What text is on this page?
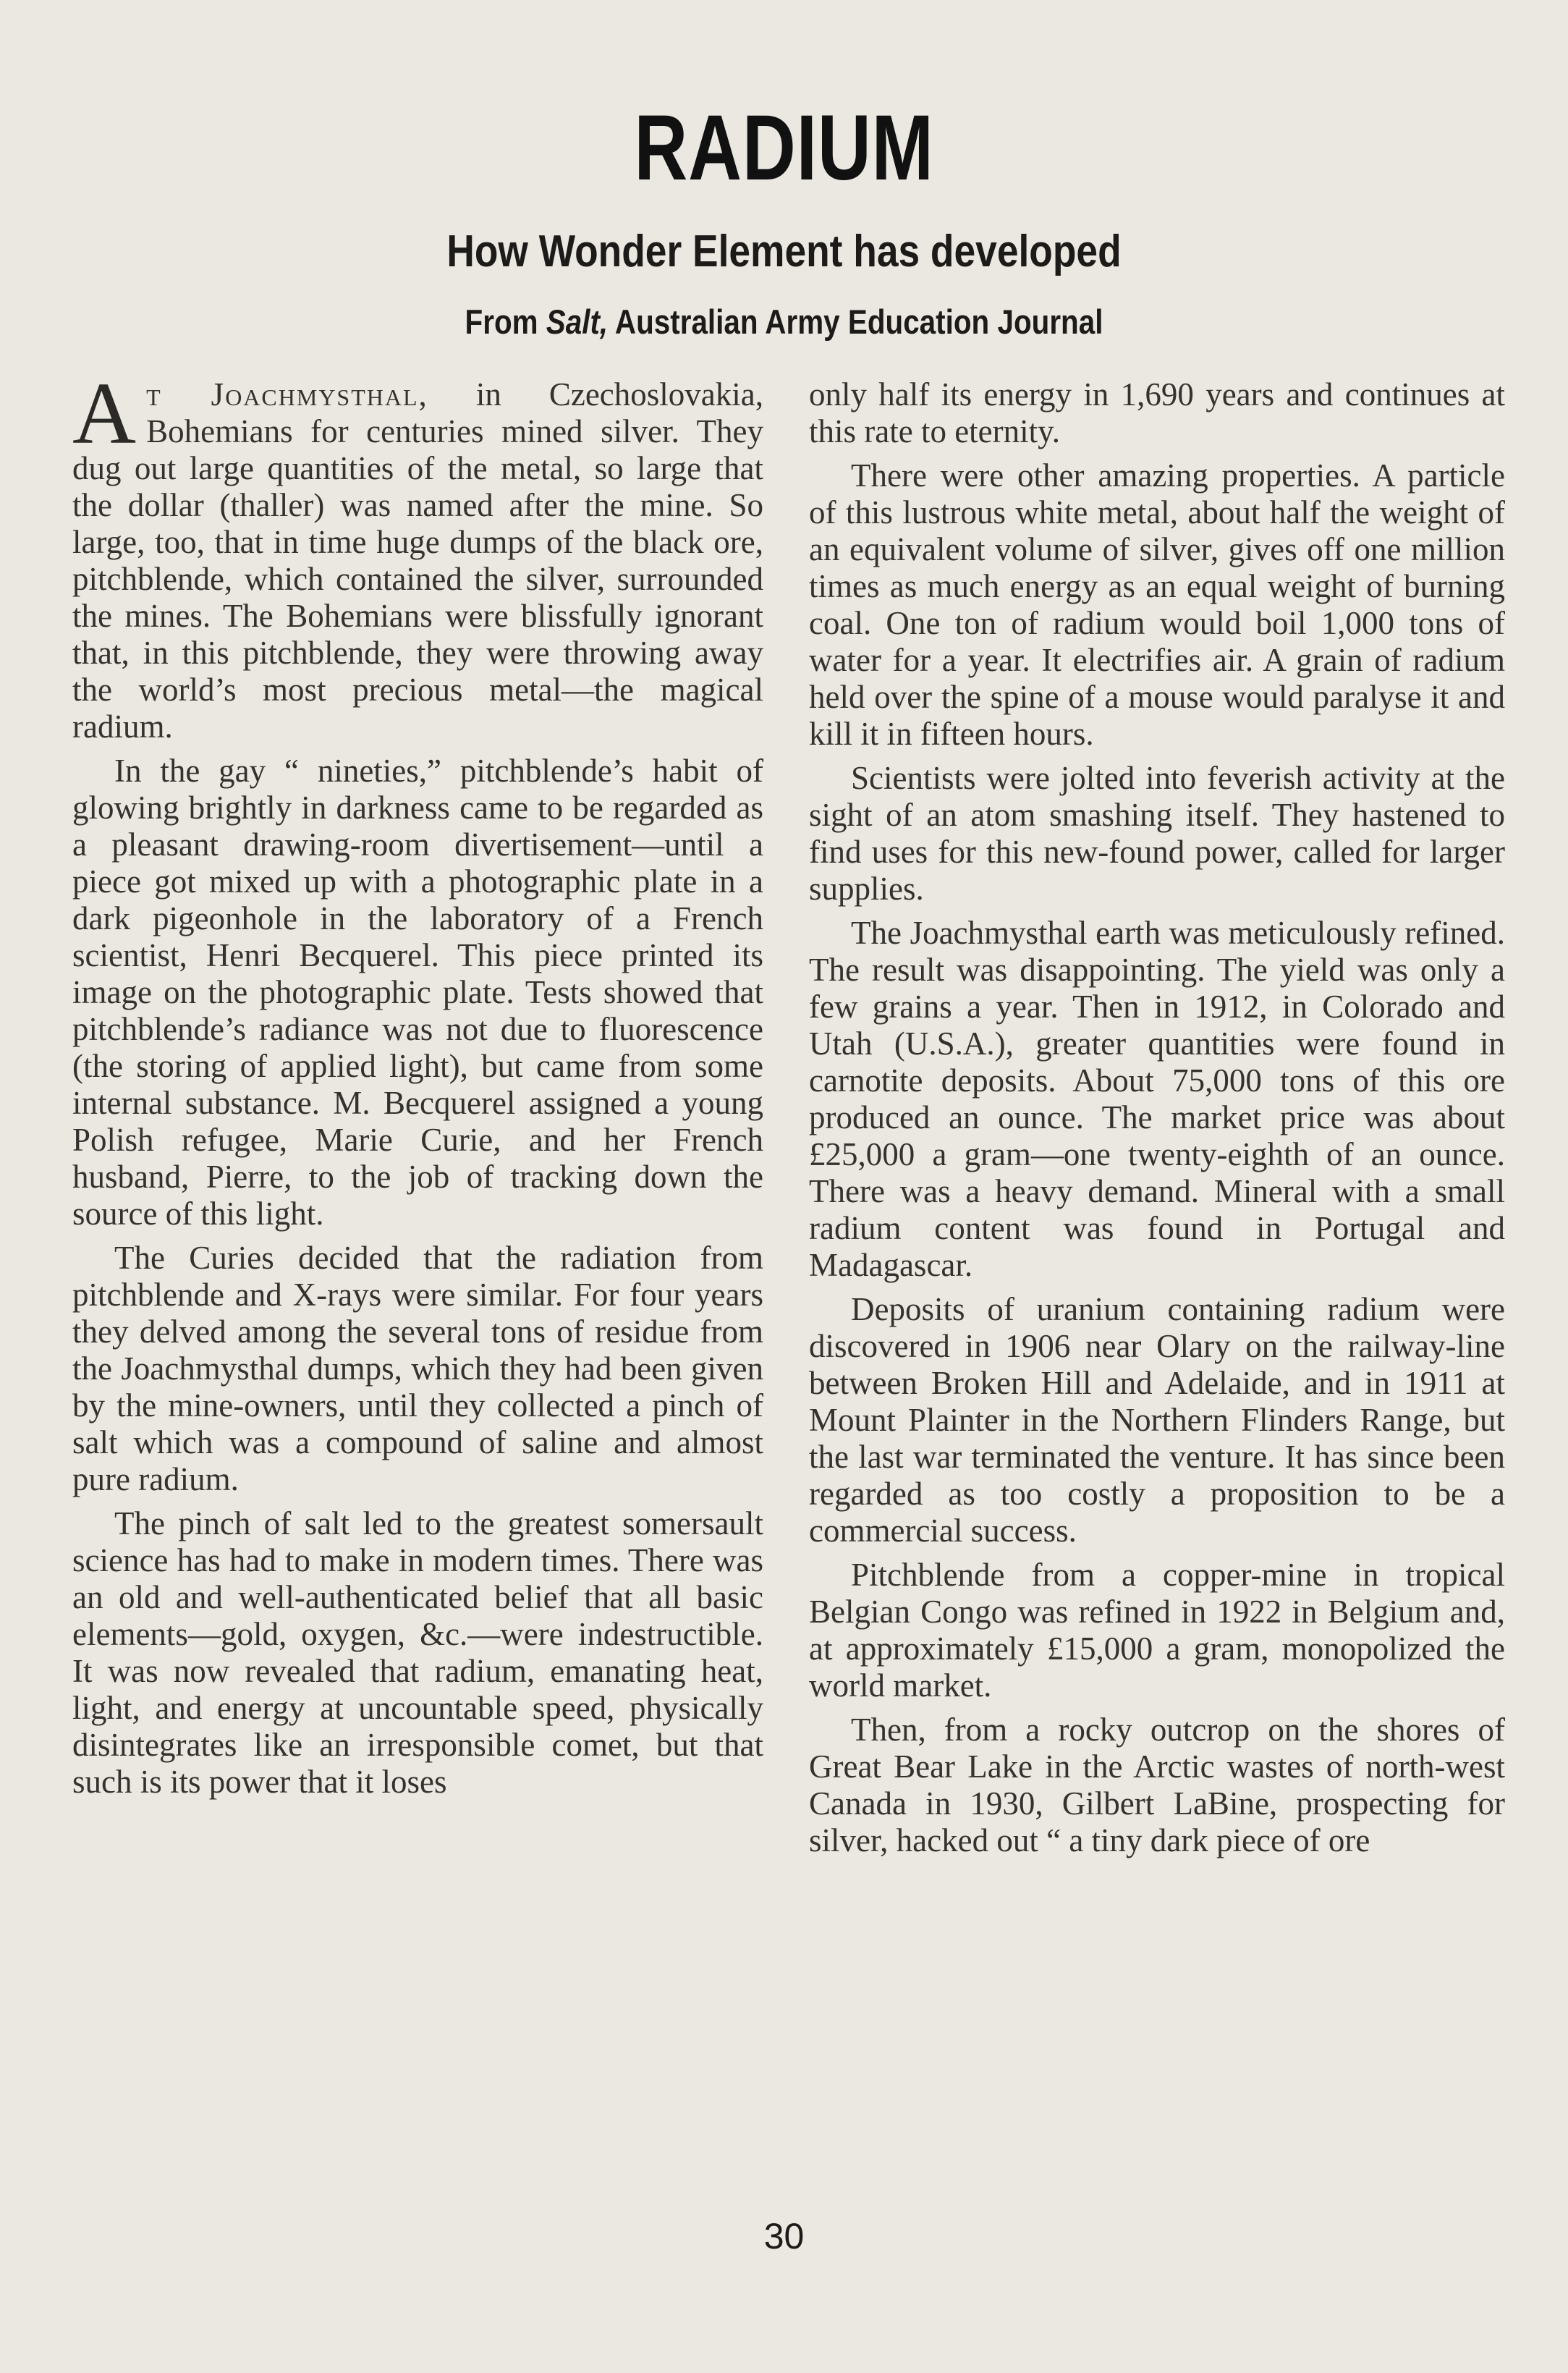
RADIUM
How Wonder Element has developed
From Salt, Australian Army Education Journal

At Joachmysthal, in Czechoslovakia, Bohemians for centuries mined silver. They dug out large quantities of the metal, so large that the dollar (thaller) was named after the mine. So large, too, that in time huge dumps of the black ore, pitchblende, which contained the silver, surrounded the mines. The Bohemians were blissfully ignorant that, in this pitchblende, they were throwing away the world’s most precious metal—the magical radium.

In the gay “ nineties,” pitchblende’s habit of glowing brightly in darkness came to be regarded as a pleasant drawing-room divertisement—until a piece got mixed up with a photographic plate in a dark pigeonhole in the laboratory of a French scientist, Henri Becquerel. This piece printed its image on the photographic plate. Tests showed that pitchblende’s radiance was not due to fluorescence (the storing of applied light), but came from some internal substance. M. Becquerel assigned a young Polish refugee, Marie Curie, and her French husband, Pierre, to the job of tracking down the source of this light.

The Curies decided that the radiation from pitchblende and X-rays were similar. For four years they delved among the several tons of residue from the Joachmysthal dumps, which they had been given by the mine-owners, until they collected a pinch of salt which was a compound of saline and almost pure radium.

The pinch of salt led to the greatest somersault science has had to make in modern times. There was an old and well-authenticated belief that all basic elements—gold, oxygen, &c.—were indestructible. It was now revealed that radium, emanating heat, light, and energy at uncountable speed, physically disintegrates like an irresponsible comet, but that such is its power that it loses

only half its energy in 1,690 years and continues at this rate to eternity.

There were other amazing properties. A particle of this lustrous white metal, about half the weight of an equivalent volume of silver, gives off one million times as much energy as an equal weight of burning coal. One ton of radium would boil 1,000 tons of water for a year. It electrifies air. A grain of radium held over the spine of a mouse would paralyse it and kill it in fifteen hours.

Scientists were jolted into feverish activity at the sight of an atom smashing itself. They hastened to find uses for this new-found power, called for larger supplies.

The Joachmysthal earth was meticulously refined. The result was disappointing. The yield was only a few grains a year. Then in 1912, in Colorado and Utah (U.S.A.), greater quantities were found in carnotite deposits. About 75,000 tons of this ore produced an ounce. The market price was about £25,000 a gram—one twenty-eighth of an ounce. There was a heavy demand. Mineral with a small radium content was found in Portugal and Madagascar.

Deposits of uranium containing radium were discovered in 1906 near Olary on the railway-line between Broken Hill and Adelaide, and in 1911 at Mount Plainter in the Northern Flinders Range, but the last war terminated the venture. It has since been regarded as too costly a proposition to be a commercial success.

Pitchblende from a copper-mine in tropical Belgian Congo was refined in 1922 in Belgium and, at approximately £15,000 a gram, monopolized the world market.

Then, from a rocky outcrop on the shores of Great Bear Lake in the Arctic wastes of north-west Canada in 1930, Gilbert LaBine, prospecting for silver, hacked out “ a tiny dark piece of ore

30
